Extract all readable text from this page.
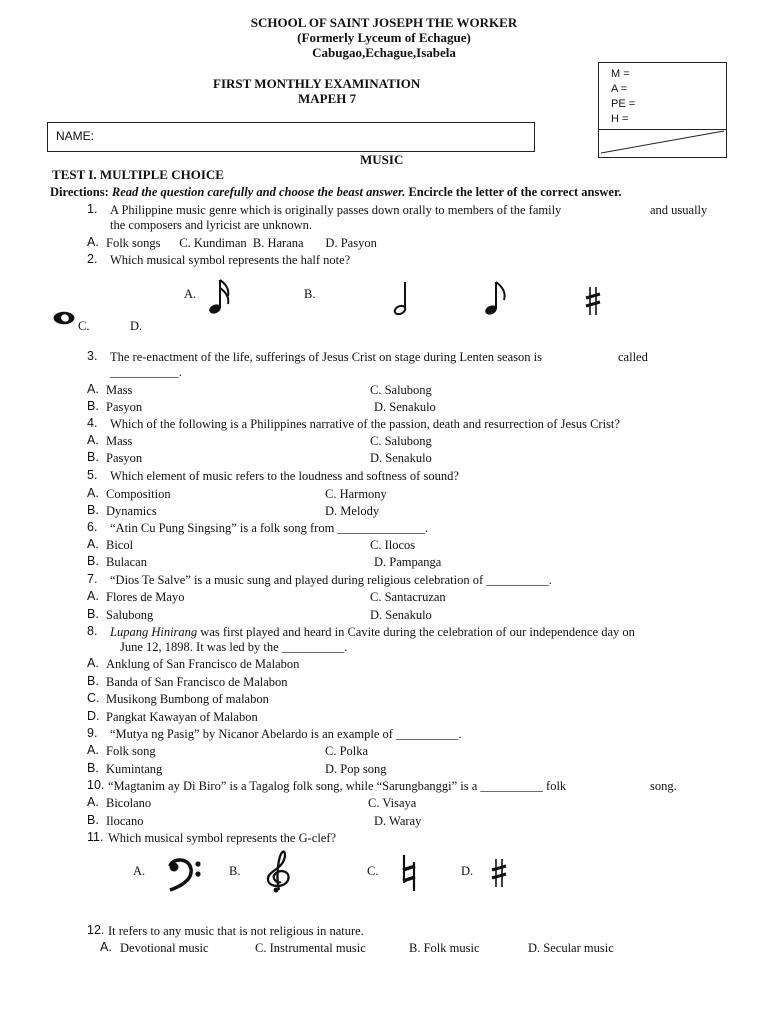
SCHOOL OF SAINT JOSEPH THE WORKER
(Formerly Lyceum of Echague)
Cabugao,Echague,Isabela
FIRST MONTHLY EXAMINATION
MAPEH 7
M =
A =
PE =
H =
NAME:
MUSIC
TEST I. MULTIPLE CHOICE
Directions: Read the question carefully and choose the beast answer. Encircle the letter of the correct answer.
1. A Philippine music genre which is originally passes down orally to members of the family	and usually
the composers and lyricist are unknown.
A. Folk songs      C. Kundiman  B. Harana       D. Pasyon
2. Which musical symbol represents the half note?
A.	B.
C.	D.
3. The re-enactment of the life, sufferings of Jesus Crist on stage during Lenten season is	called
___________.
A. Mass	C. Salubong
B. Pasyon	D. Senakulo
4. Which of the following is a Philippines narrative of the passion, death and resurrection of Jesus Crist?
A. Mass	C. Salubong
B. Pasyon	D. Senakulo
5. Which element of music refers to the loudness and softness of sound?
A. Composition	C. Harmony
B. Dynamics	D. Melody
6. “Atin Cu Pung Singsing” is a folk song from ______________.
A. Bicol	C. Ilocos
B. Bulacan	D. Pampanga
7. “Dios Te Salve” is a music sung and played during religious celebration of __________.
A. Flores de Mayo	C. Santacruzan
B. Salubong	D. Senakulo
8. Lupang Hinirang was first played and heard in Cavite during the celebration of our independence day on
June 12, 1898. It was led by the __________.
A. Anklung of San Francisco de Malabon
B. Banda of San Francisco de Malabon
C. Musikong Bumbong of malabon
D. Pangkat Kawayan of Malabon
9. “Mutya ng Pasig” by Nicanor Abelardo is an example of __________.
A. Folk song	C. Polka
B. Kumintang	D. Pop song
10. “Magtanim ay Di Biro” is a Tagalog folk song, while “Sarungbanggi” is a __________ folk	song.
A. Bicolano	C. Visaya
B. Ilocano	D. Waray
11. Which musical symbol represents the G-clef?
A.	B.	C.	D.
12. It refers to any music that is not religious in nature.
A. Devotional music	C. Instrumental music	B. Folk music	D. Secular music
